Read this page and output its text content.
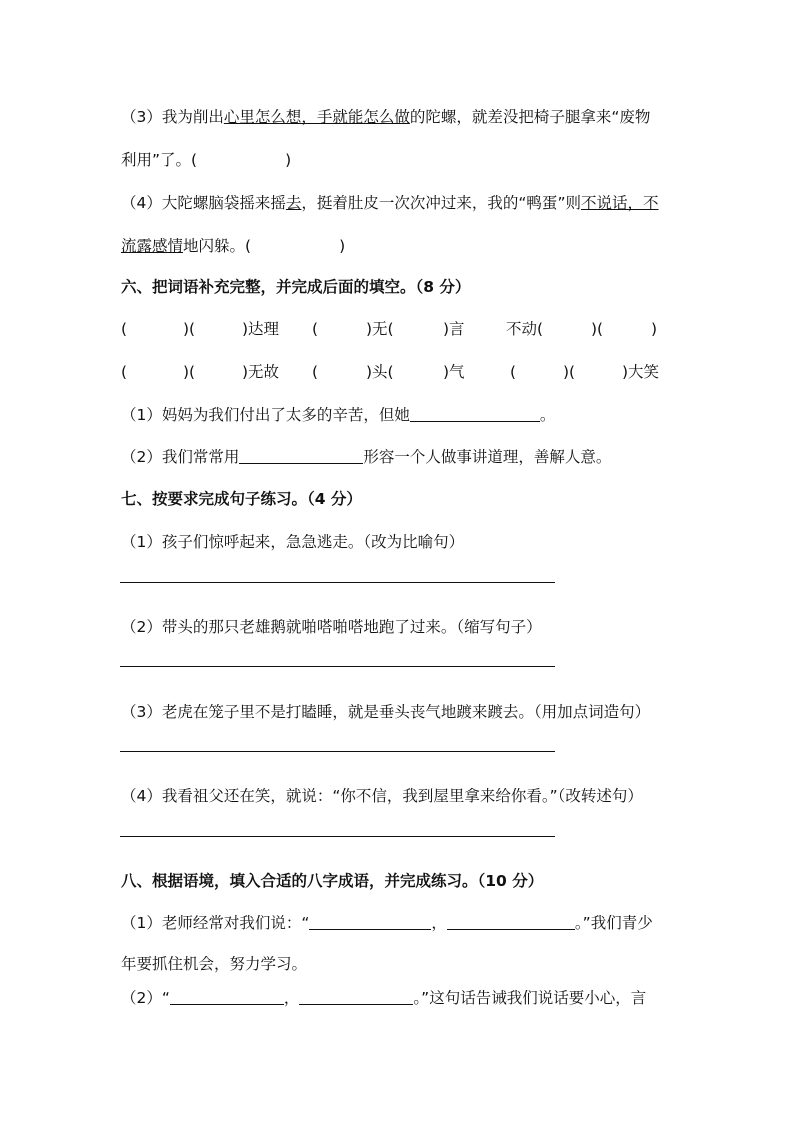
（3）我为削出心里怎么想，手就能怎么做的陀螺，就差没把椅子腿拿来“废物
利用”了。(	)
（4）大陀螺脑袋摇来摇去，挺着肚皮一次次冲过来，我的“鸭蛋”则不说话，不
流露感情地闪躲。(	)
六、把词语补充完整，并完成后面的填空。（8 分）
(	)(	)达理 (	)无(	)言	不动(	)(	)
(	)(	)无故 (	)头(	)气	(	)(	)大笑
（1）妈妈为我们付出了太多的辛苦，但她	。
（2）我们常常用	形容一个人做事讲道理，善解人意。
七、按要求完成句子练习。（4 分）
（1）孩子们惊呼起来，急急逃走。（改为比喻句）
（2）带头的那只老雄鹅就啪嗒啪嗒地跑了过来。（缩写句子）
（3）老虎在笼子里不是打瞌睡，就是垂头丧气地踱来踱去。（用加点词造句）
（4）我看祖父还在笑，就说：“你不信，我到屋里拿来给你看。”（改转述句）
八、根据语境，填入合适的八字成语，并完成练习。（10 分）
（1）老师经常对我们说：“	，	。”我们青少
年要抓住机会，努力学习。
（2）“	，	。”这句话告诫我们说话要小心，言
